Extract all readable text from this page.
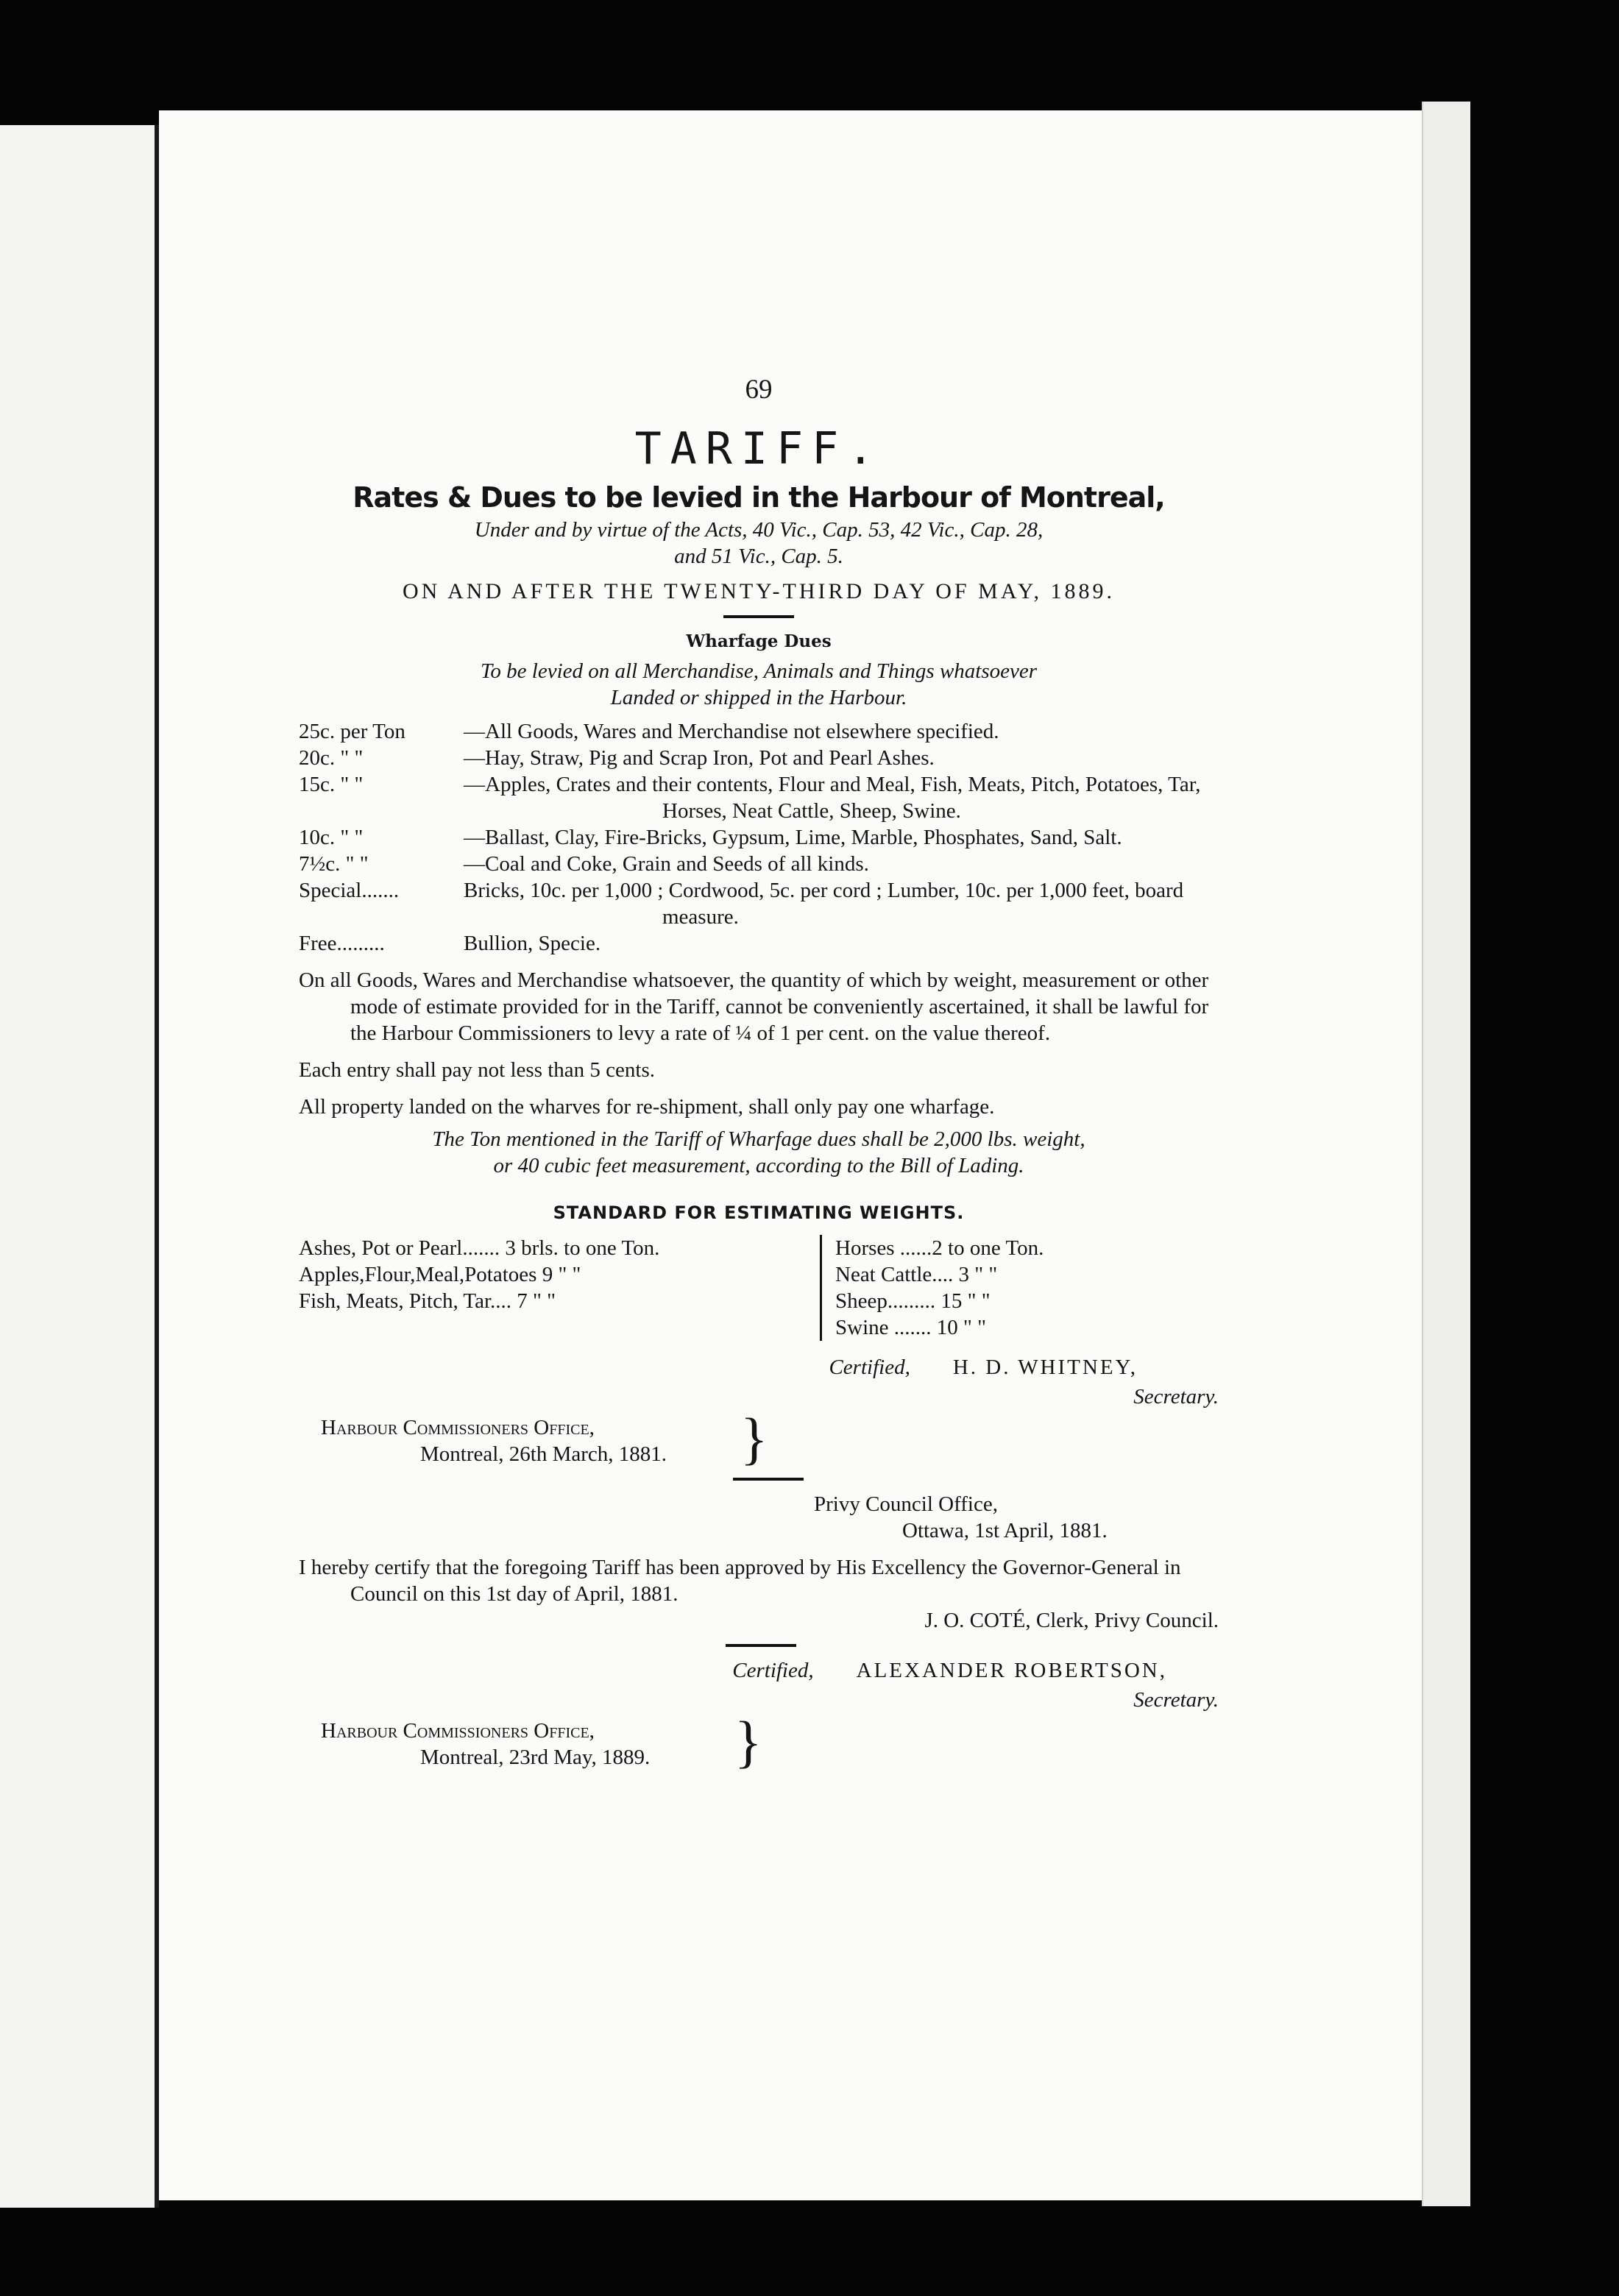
69
TARIFF.
Rates & Dues to be levied in the Harbour of Montreal,
Under and by virtue of the Acts, 40 Vic., Cap. 53, 42 Vic., Cap. 28,
and 51 Vic., Cap. 5.
ON AND AFTER THE TWENTY-THIRD DAY OF MAY, 1889.
Wharfage Dues
To be levied on all Merchandise, Animals and Things whatsoever
Landed or shipped in the Harbour.
25c. per Ton	—All Goods, Wares and Merchandise not elsewhere specified.
20c. " "	—Hay, Straw, Pig and Scrap Iron, Pot and Pearl Ashes.
15c. " "	—Apples, Crates and their contents, Flour and Meal, Fish, Meats, Pitch, Potatoes, Tar, Horses, Neat Cattle, Sheep, Swine.
10c. " "	—Ballast, Clay, Fire-Bricks, Gypsum, Lime, Marble, Phosphates, Sand, Salt.
7½c. " "	—Coal and Coke, Grain and Seeds of all kinds.
Special.......	Bricks, 10c. per 1,000 ; Cordwood, 5c. per cord ; Lumber, 10c. per 1,000 feet, board measure.
Free.........	Bullion, Specie.
On all Goods, Wares and Merchandise whatsoever, the quantity of which by weight, measurement or other mode of estimate provided for in the Tariff, cannot be conveniently ascertained, it shall be lawful for the Harbour Commissioners to levy a rate of ¼ of 1 per cent. on the value thereof.
Each entry shall pay not less than 5 cents.
All property landed on the wharves for re-shipment, shall only pay one wharfage.
The Ton mentioned in the Tariff of Wharfage dues shall be 2,000 lbs. weight,
or 40 cubic feet measurement, according to the Bill of Lading.
STANDARD FOR ESTIMATING WEIGHTS.
Ashes, Pot or Pearl....... 3 brls. to one Ton.
Apples,Flour,Meal,Potatoes 9 " "
Fish, Meats, Pitch, Tar.... 7 " "
Horses ......2 to one Ton.
Neat Cattle.... 3 " "
Sheep......... 15 " "
Swine ....... 10 " "
Certified, H. D. WHITNEY,
Secretary.
Harbour Commissioners Office,
Montreal, 26th March, 1881.	}
Privy Council Office,
Ottawa, 1st April, 1881.
I hereby certify that the foregoing Tariff has been approved by His Excellency the Governor-General in Council on this 1st day of April, 1881.
J. O. COTÉ, Clerk, Privy Council.
Certified, ALEXANDER ROBERTSON,
Secretary.
Harbour Commissioners Office,
Montreal, 23rd May, 1889.	}
